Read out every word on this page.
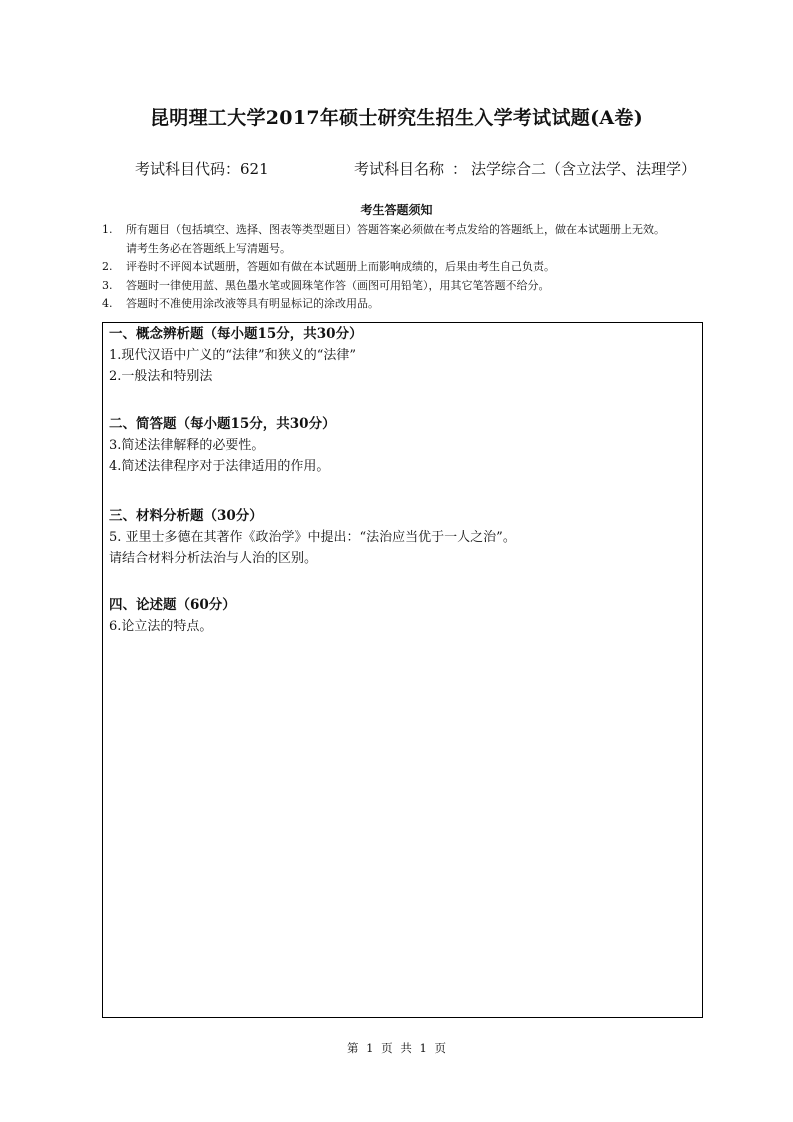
昆明理工大学2017年硕士研究生招生入学考试试题(A卷)
考试科目代码：621	考试科目名称 ： 法学综合二（含立法学、法理学）
考生答题须知
1. 所有题目（包括填空、选择、图表等类型题目）答题答案必须做在考点发给的答题纸上，做在本试题册上无效。
请考生务必在答题纸上写清题号。
2. 评卷时不评阅本试题册，答题如有做在本试题册上而影响成绩的，后果由考生自己负责。
3. 答题时一律使用蓝、黑色墨水笔或圆珠笔作答（画图可用铅笔），用其它笔答题不给分。
4. 答题时不准使用涂改液等具有明显标记的涂改用品。
一、概念辨析题（每小题15分，共30分）
1.现代汉语中广义的“法律”和狭义的“法律”
2.一般法和特别法
二、简答题（每小题15分，共30分）
3.简述法律解释的必要性。
4.简述法律程序对于法律适用的作用。
三、材料分析题（30分）
5. 亚里士多德在其著作《政治学》中提出：“法治应当优于一人之治”。
请结合材料分析法治与人治的区别。
四、论述题（60分）
6.论立法的特点。
第 1 页 共 1 页
